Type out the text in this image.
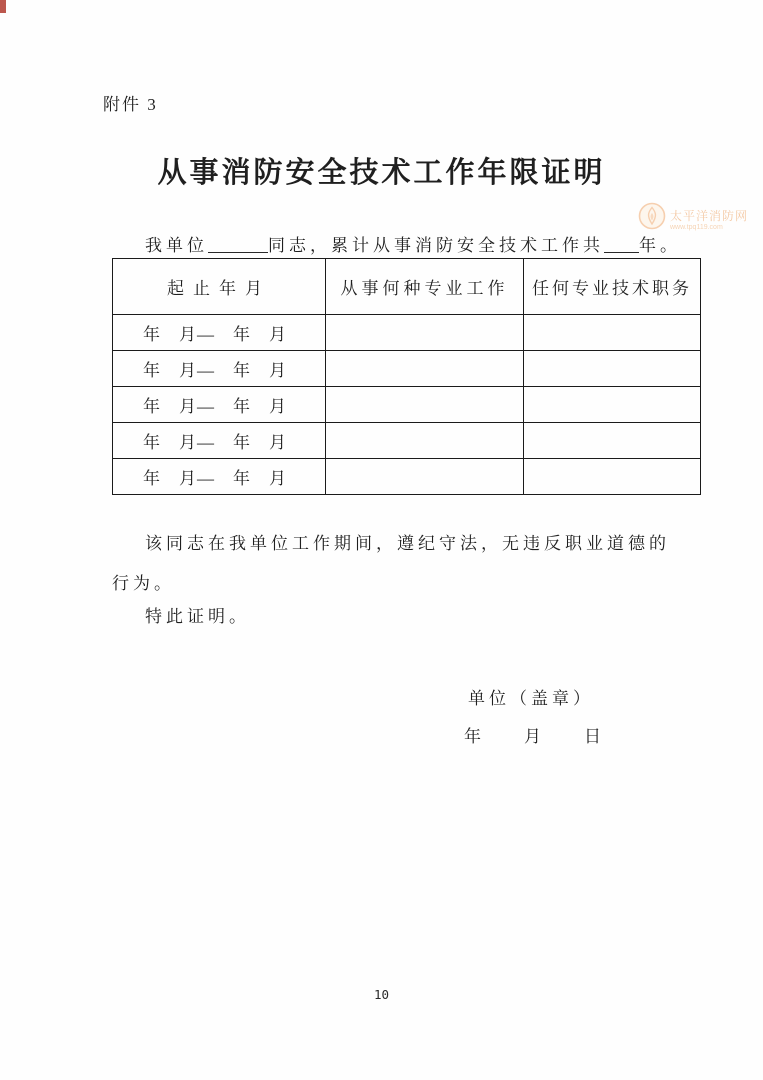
附件 3
从事消防安全技术工作年限证明
太平洋消防网
www.tpq119.com
我单位	同志，累计从事消防安全技术工作共 年。
起止年月	从事何种专业工作	任何专业技术职务
年　月—　年　月		
年　月—　年　月		
年　月—　年　月		
年　月—　年　月		
年　月—　年　月		
该同志在我单位工作期间，遵纪守法，无违反职业道德的
行为。
特此证明。
单位（盖章）
年　　月　　日
10
